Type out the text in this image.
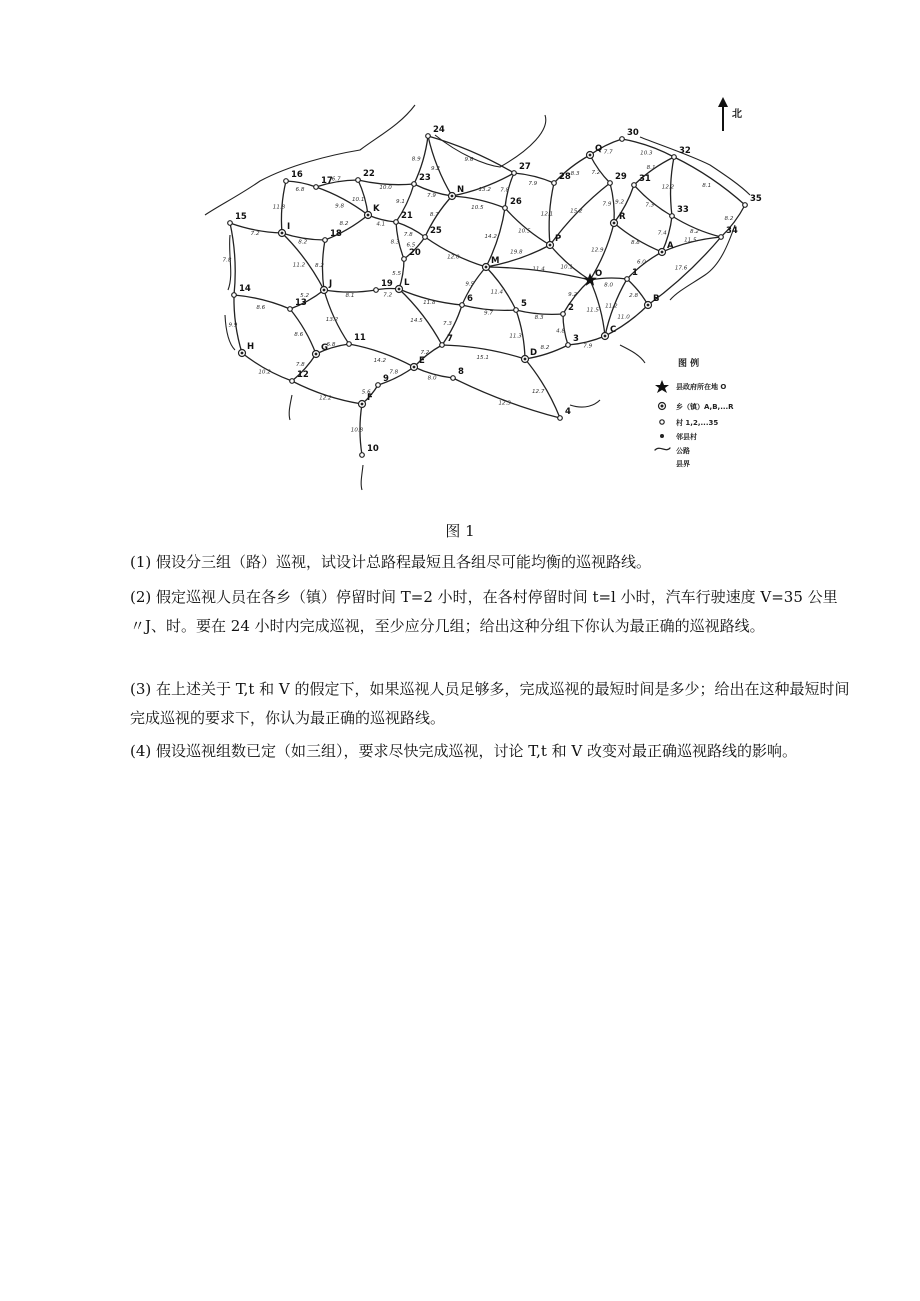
8.9
9.2
9.6
10.0
10.1
6.7
6.8
11.8	9.8
7.9
9.1
4.1
8.2
13.2
10.5
8.7
7.9
7.8
8.3
12.1
7.7
7.2
10.3
8.1
8.1
12.2
7.9
15.2
9.2	7.3
7.4	8.2
8.2
11.5
17.6
8.8
12.9
10.5
14.2
10.1
19.8
6.0
8.0
9.2
11.5
11.4
2.8
11.2
11.0
7.2
7.8
8.2
11.2 8.2
7.8
8.3 6.5
12.0
5.5
8.1
5.2
13.2
7.2
11.8
14.5
9.5
11.4
9.7
7.3
8.3
11.3
4.8
8.2	7.9
8.6
9.9
8.6
6.8
14.2
7.2
15.1
10.2
7.8
12.2
7.8
8.0
5.6
12.3
12.7
10.8
24	30
Q	32
22
27
16
17	23	28	29 31
N
26	35
K
21
33
R
15
I
18	25	34
P
A
20
M
O	1
J	19 L
14
6	B
13	5	2
C
11	7	3
H	G	D
E
12	9
8
F
4
10
北
图 例
县政府所在地 O
乡（镇）A,B,...R
村 1,2,...35
邻县村
公路
县界
图 1

(1) 假设分三组（路）巡视，试设计总路程最短且各组尽可能均衡的巡视路线。

(2) 假定巡视人员在各乡（镇）停留时间 T=2 小时，在各村停留时间 t=l 小时，汽车行驶速度 V=35 公里〃J、时。要在 24 小时内完成巡视，至少应分几组；给出这种分组下你认为最正确的巡视路线。

(3) 在上述关于 T,t 和 V 的假定下，如果巡视人员足够多，完成巡视的最短时间是多少；给出在这种最短时间完成巡视的要求下，你认为最正确的巡视路线。

(4) 假设巡视组数已定（如三组），要求尽快完成巡视，讨论 T,t 和 V 改变对最正确巡视路线的影响。
